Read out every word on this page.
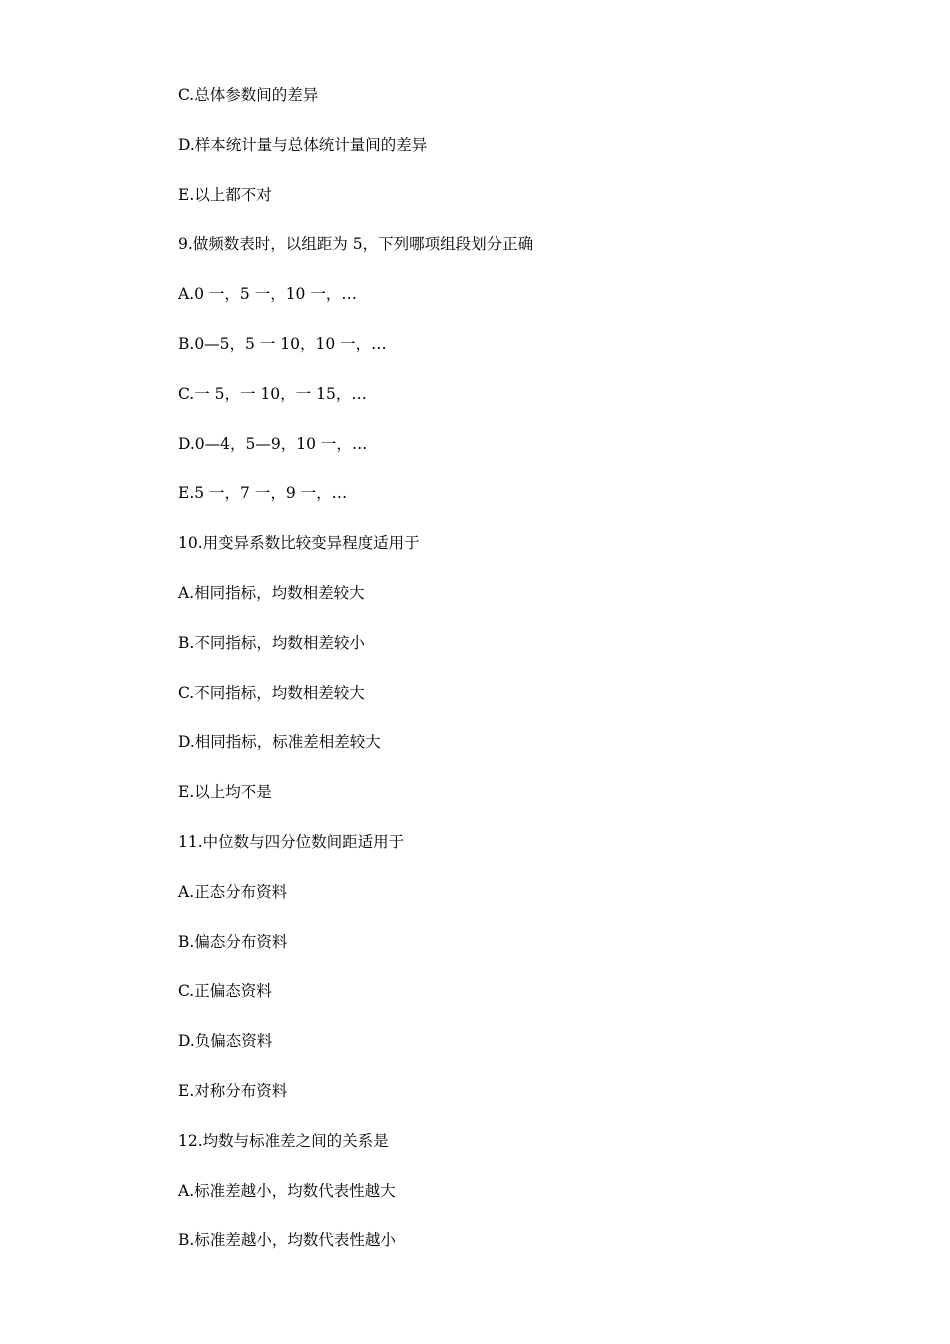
C.总体参数间的差异
D.样本统计量与总体统计量间的差异
E.以上都不对
9.做频数表时，以组距为 5，下列哪项组段划分正确
A.0 一，5 一，10 一，…
B.0—5，5 一 10，10 一，…
C.一 5，一 10，一 15，…
D.0—4，5—9，10 一，…
E.5 一，7 一，9 一，…
10.用变异系数比较变异程度适用于
A.相同指标，均数相差较大
B.不同指标，均数相差较小
C.不同指标，均数相差较大
D.相同指标，标准差相差较大
E.以上均不是
11.中位数与四分位数间距适用于
A.正态分布资料
B.偏态分布资料
C.正偏态资料
D.负偏态资料
E.对称分布资料
12.均数与标准差之间的关系是
A.标准差越小，均数代表性越大
B.标准差越小，均数代表性越小
